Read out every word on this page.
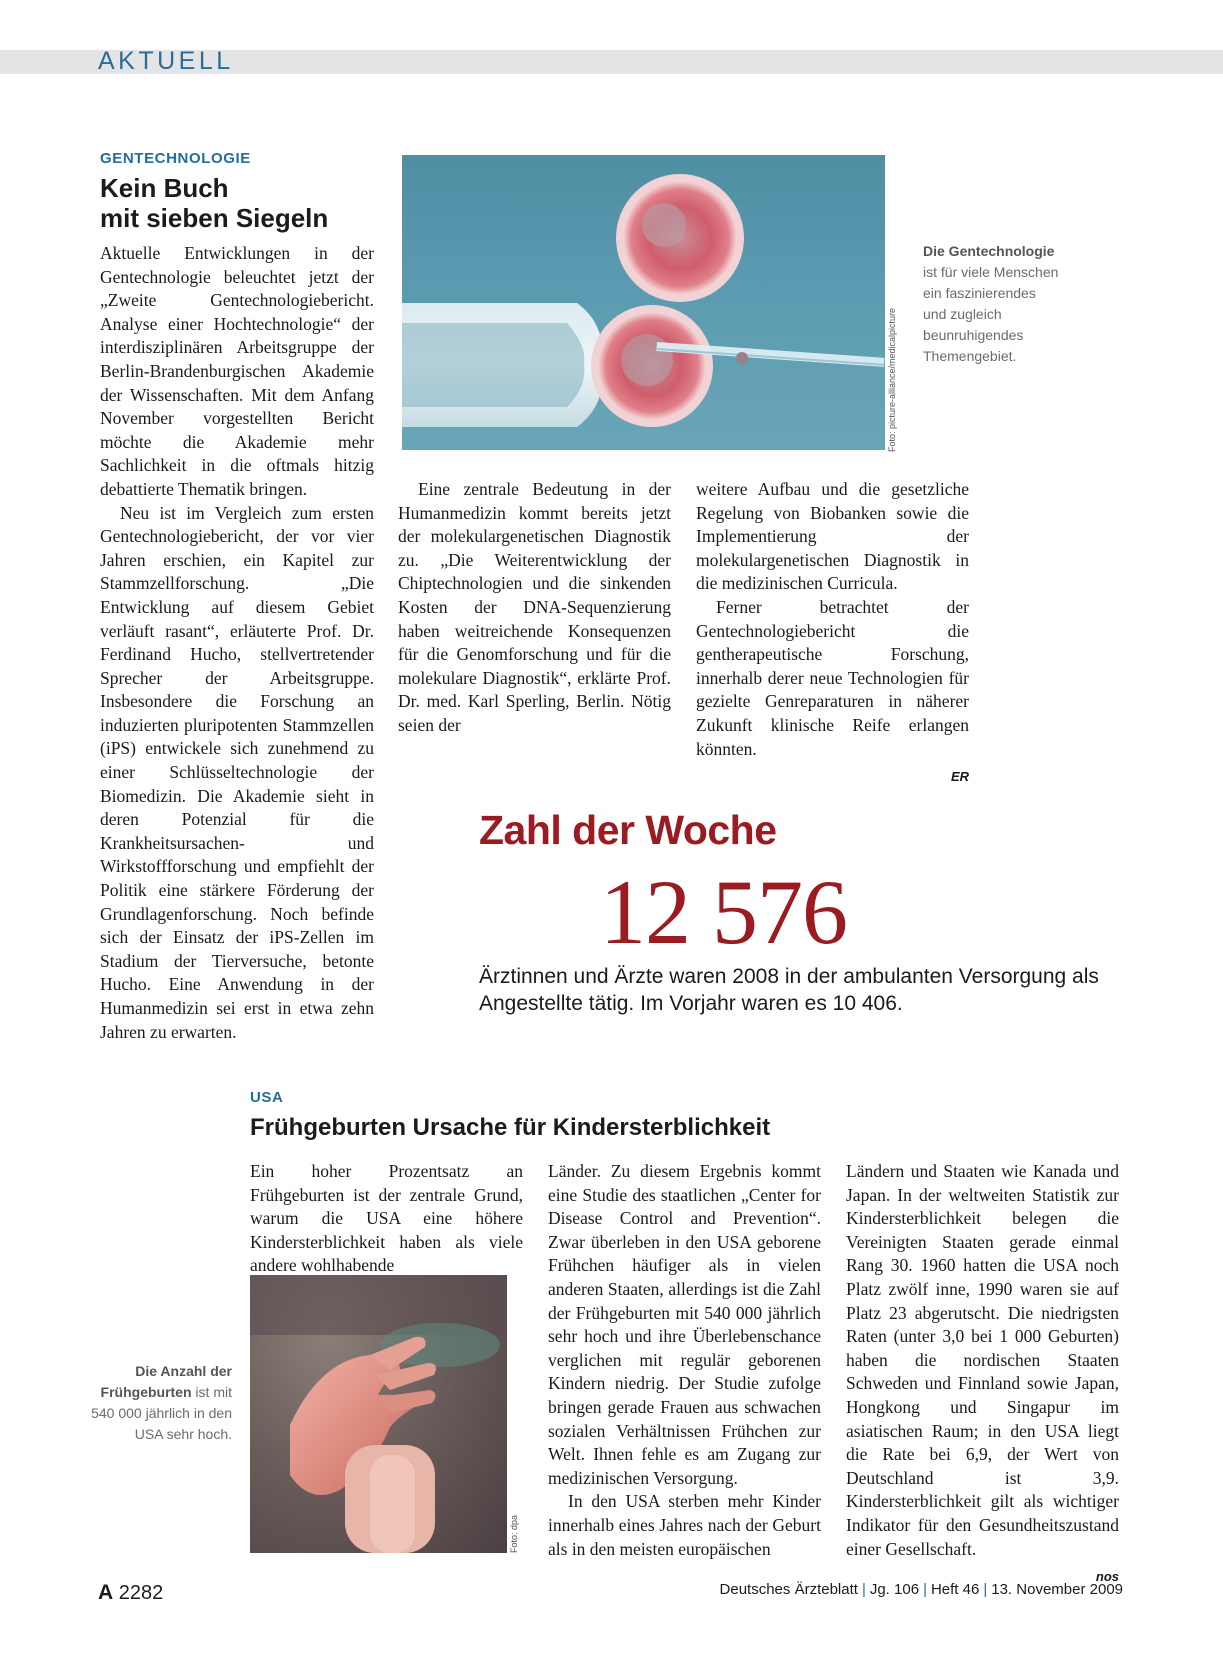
AKTUELL
GENTECHNOLOGIE
Kein Buch
mit sieben Siegeln

Aktuelle Entwicklungen in der Gentechnologie beleuchtet jetzt der „Zweite Gentechnologiebericht. Analyse einer Hochtechnologie“ der interdisziplinären Arbeitsgruppe der Berlin-Brandenburgischen Akademie der Wissenschaften. Mit dem Anfang November vorgestellten Bericht möchte die Akademie mehr Sachlichkeit in die oftmals hitzig debattierte Thematik bringen.

Neu ist im Vergleich zum ersten Gentechnologiebericht, der vor vier Jahren erschien, ein Kapitel zur Stammzellforschung. „Die Entwicklung auf diesem Gebiet verläuft rasant“, erläuterte Prof. Dr. Ferdinand Hucho, stellvertretender Sprecher der Arbeitsgruppe. Insbesondere die Forschung an induzierten pluripotenten Stammzellen (iPS) entwickele sich zunehmend zu einer Schlüsseltechnologie der Biomedizin. Die Akademie sieht in deren Potenzial für die Krankheitsursachen- und Wirkstoffforschung und empfiehlt der Politik eine stärkere Förderung der Grundlagenforschung. Noch befinde sich der Einsatz der iPS-Zellen im Stadium der Tierversuche, betonte Hucho. Eine Anwendung in der Humanmedizin sei erst in etwa zehn Jahren zu erwarten.

Foto: picture-alliance/medicalpicture
Die Gentechnologie ist für viele Menschen ein faszinierendes und zugleich beunruhigendes Themengebiet.

Eine zentrale Bedeutung in der Humanmedizin kommt bereits jetzt der molekulargenetischen Diagnostik zu. „Die Weiterentwicklung der Chiptechnologien und die sinkenden Kosten der DNA-Sequenzierung haben weitreichende Konsequenzen für die Genomforschung und für die molekulare Diagnostik“, erklärte Prof. Dr. med. Karl Sperling, Berlin. Nötig seien der

weitere Aufbau und die gesetzliche Regelung von Biobanken sowie die Implementierung der molekulargenetischen Diagnostik in die medizinischen Curricula.

Ferner betrachtet der Gentechnologiebericht die gentherapeutische Forschung, innerhalb derer neue Technologien für gezielte Genreparaturen in näherer Zukunft klinische Reife erlangen könnten.

ER
Zahl der Woche
12 576
Ärztinnen und Ärzte waren 2008 in der ambulanten Versorgung als Angestellte tätig. Im Vorjahr waren es 10 406.
USA
Frühgeburten Ursache für Kindersterblichkeit

Ein hoher Prozentsatz an Frühgeburten ist der zentrale Grund, warum die USA eine höhere Kindersterblichkeit haben als viele andere wohlhabende

Foto: dpa
Die Anzahl der Frühgeburten ist mit 540 000 jährlich in den USA sehr hoch.

Länder. Zu diesem Ergebnis kommt eine Studie des staatlichen „Center for Disease Control and Prevention“. Zwar überleben in den USA geborene Frühchen häufiger als in vielen anderen Staaten, allerdings ist die Zahl der Frühgeburten mit 540 000 jährlich sehr hoch und ihre Überlebenschance verglichen mit regulär geborenen Kindern niedrig. Der Studie zufolge bringen gerade Frauen aus schwachen sozialen Verhältnissen Frühchen zur Welt. Ihnen fehle es am Zugang zur medizinischen Versorgung.

In den USA sterben mehr Kinder innerhalb eines Jahres nach der Geburt als in den meisten europäischen

Ländern und Staaten wie Kanada und Japan. In der weltweiten Statistik zur Kindersterblichkeit belegen die Vereinigten Staaten gerade einmal Rang 30. 1960 hatten die USA noch Platz zwölf inne, 1990 waren sie auf Platz 23 abgerutscht. Die niedrigsten Raten (unter 3,0 bei 1 000 Geburten) haben die nordischen Staaten Schweden und Finnland sowie Japan, Hongkong und Singapur im asiatischen Raum; in den USA liegt die Rate bei 6,9, der Wert von Deutschland ist 3,9. Kindersterblichkeit gilt als wichtiger Indikator für den Gesundheitszustand einer Gesellschaft.

nos
A 2282	Deutsches Ärzteblatt | Jg. 106 | Heft 46 | 13. November 2009
